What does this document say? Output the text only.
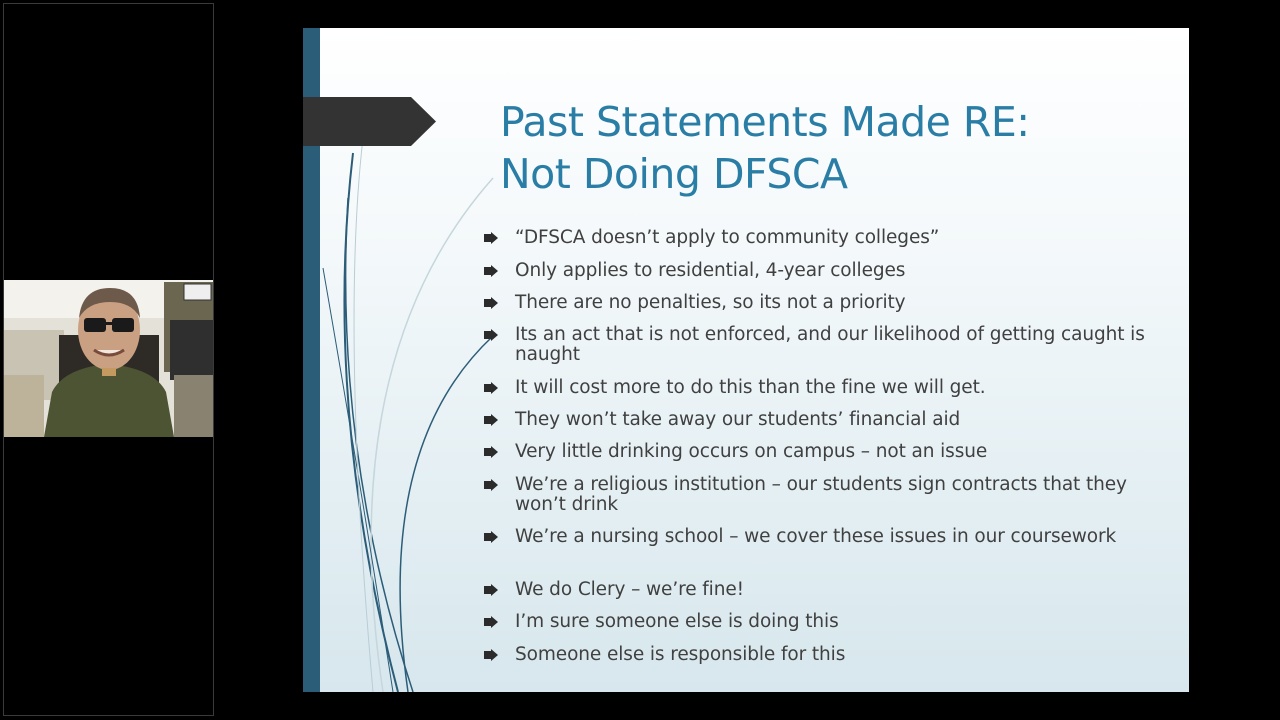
Past Statements Made RE:
Not Doing DFSCA
“DFSCA doesn’t apply to community colleges”
Only applies to residential, 4-year colleges
There are no penalties, so its not a priority
Its an act that is not enforced, and our likelihood of getting caught is naught
It will cost more to do this than the fine we will get.
They won’t take away our students’ financial aid
Very little drinking occurs on campus – not an issue
We’re a religious institution – our students sign contracts that they won’t drink
We’re a nursing school – we cover these issues in our coursework
We do Clery – we’re fine!
I’m sure someone else is doing this
Someone else is responsible for this
